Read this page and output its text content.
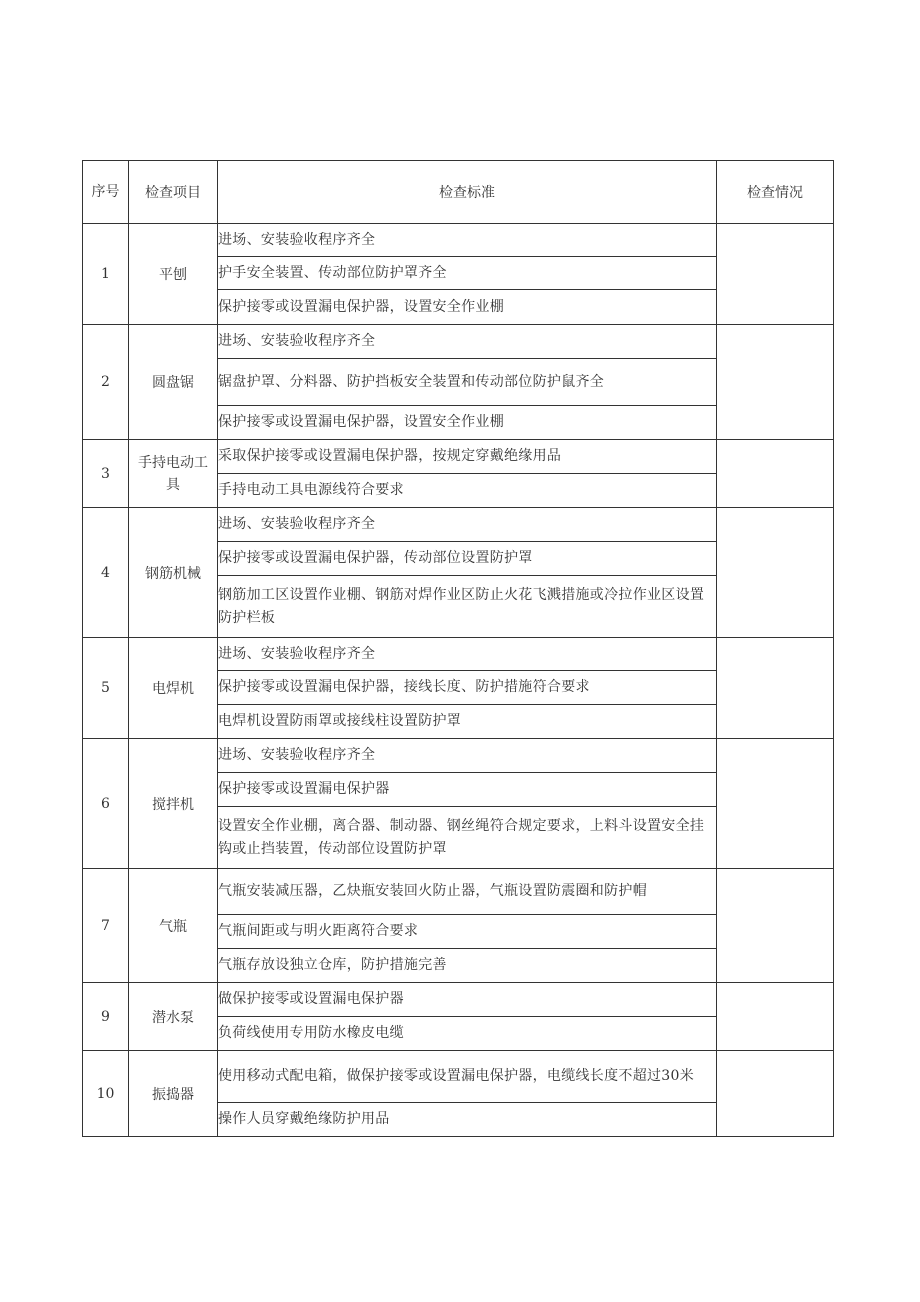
序号	检查项目	检查标准	检查情况
1	平刨	进场、安装验收程序齐全	
		护手安全装置、传动部位防护罩齐全	
		保护接零或设置漏电保护器，设置安全作业棚	
2	圆盘锯	进场、安装验收程序齐全	
		锯盘护罩、分料器、防护挡板安全装置和传动部位防护鼠齐全	
		保护接零或设置漏电保护器，设置安全作业棚	
3	手持电动工具	采取保护接零或设置漏电保护器，按规定穿戴绝缘用品	
		手持电动工具电源线符合要求	
4	钢筋机械	进场、安装验收程序齐全	
		保护接零或设置漏电保护器，传动部位设置防护罩	
		钢筋加工区设置作业棚、钢筋对焊作业区防止火花飞溅措施或冷拉作业区设置防护栏板	
5	电焊机	进场、安装验收程序齐全	
		保护接零或设置漏电保护器，接线长度、防护措施符合要求	
		电焊机设置防雨罩或接线柱设置防护罩	
6	搅拌机	进场、安装验收程序齐全	
		保护接零或设置漏电保护器	
		设置安全作业棚，离合器、制动器、钢丝绳符合规定要求，上料斗设置安全挂钩或止挡装置，传动部位设置防护罩	
7	气瓶	气瓶安装减压器，乙炔瓶安装回火防止器，气瓶设置防震圈和防护帽	
		气瓶间距或与明火距离符合要求	
		气瓶存放设独立仓库，防护措施完善	
9	潜水泵	做保护接零或设置漏电保护器	
		负荷线使用专用防水橡皮电缆	
10	振捣器	使用移动式配电箱，做保护接零或设置漏电保护器，电缆线长度不超过30米	
		操作人员穿戴绝缘防护用品	
